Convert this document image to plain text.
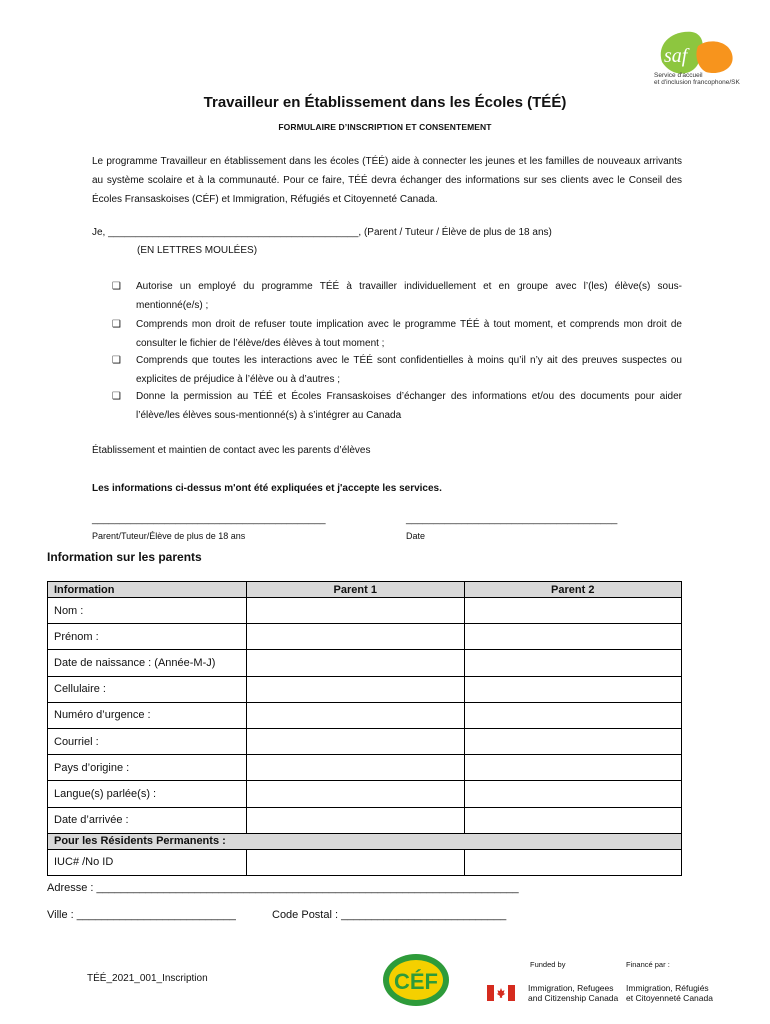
saf
Service d'accueil
et d'inclusion francophone/SK
Travailleur en Établissement dans les Écoles (TÉÉ)
FORMULAIRE D’INSCRIPTION ET CONSENTEMENT
Le programme Travailleur en établissement dans les écoles (TÉÉ) aide à connecter les jeunes et les familles de nouveaux arrivants au système scolaire et à la communauté. Pour ce faire, TÉÉ devra échanger des informations sur ses clients avec le Conseil des Écoles Fransaskoises (CÉF) et Immigration, Réfugiés et Citoyenneté Canada.
Je, _____________________________________________, (Parent / Tuteur / Élève de plus de 18 ans)
(EN LETTRES MOULÉES)
❑ Autorise un employé du programme TÉÉ à travailler individuellement et en groupe avec l’(les) élève(s) sous-mentionné(e/s) ;
❑ Comprends mon droit de refuser toute implication avec le programme TÉÉ à tout moment, et comprends mon droit de consulter le fichier de l’élève/des élèves à tout moment ;
❑ Comprends que toutes les interactions avec le TÉÉ sont confidentielles à moins qu’il n’y ait des preuves suspectes ou explicites de préjudice à l’élève ou à d’autres ;
❑ Donne la permission au TÉÉ et Écoles Fransaskoises d’échanger des informations et/ou des documents pour aider l’élève/les élèves sous-mentionné(s) à s’intégrer au Canada
Établissement et maintien de contact avec les parents d’élèves
Les informations ci-dessus m'ont été expliquées et j'accepte les services.
__________________________________________
Parent/Tuteur/Élève de plus de 18 ans
______________________________________
Date
Information sur les parents
Information	Parent 1	Parent 2
Nom :		
Prénom :		
Date de naissance : (Année-M-J)		
Cellulaire :		
Numéro d’urgence :		
Courriel :		
Pays d’origine :		
Langue(s) parlée(s) :		
Date d’arrivée :		
Pour les Résidents Permanents :		
IUC# /No ID		
Adresse : _____________________________________________________________________
Ville : __________________________	Code Postal : ___________________________
TÉÉ_2021_001_Inscription	CÉF
Funded by	Financé par :
Immigration, Refugees
and Citizenship Canada
Immigration, Réfugiés
et Citoyenneté Canada
